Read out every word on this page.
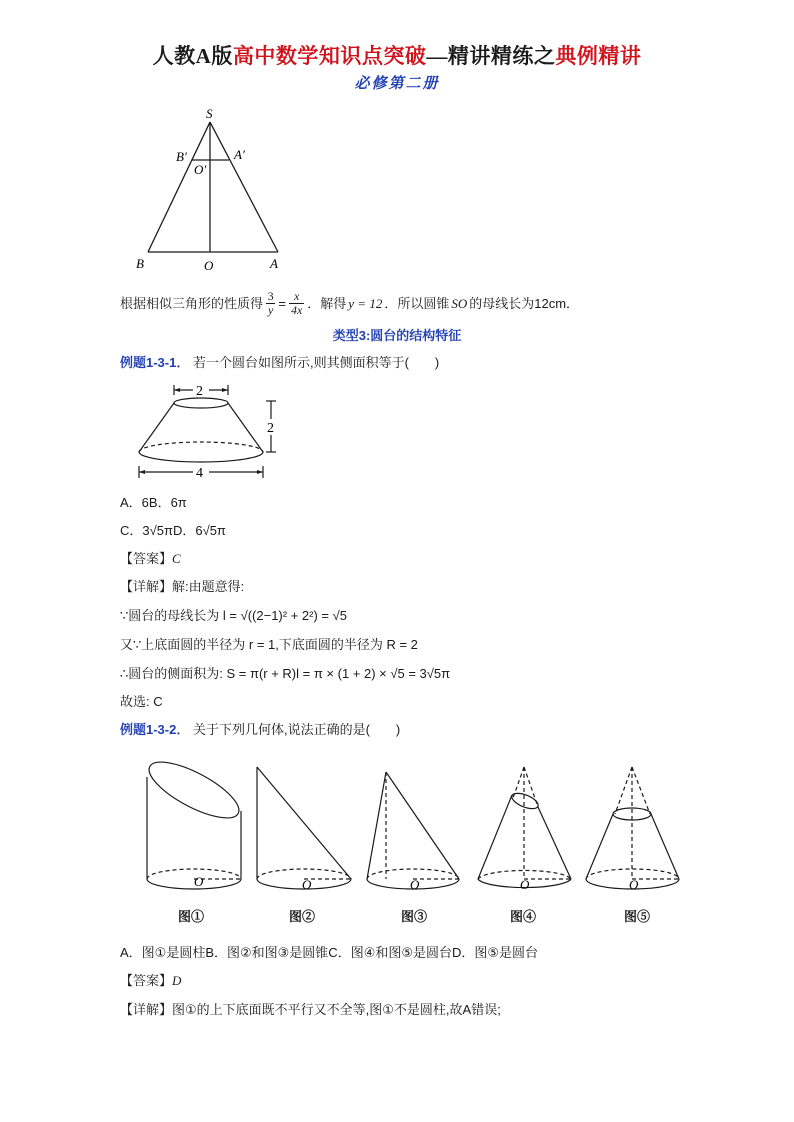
人教A版高中数学知识点突破—精讲精练之典例精讲
必修第二册
S
B′	A′
O′
B	O	A
根据相似三角形的性质得 $\frac{3}{y} = \frac{x}{4x}$ ．解得 y = 12 ．所以圆锥 SO 的母线长为12cm．
类型3:圆台的结构特征
例题1-3-1． 若一个圆台如图所示,则其侧面积等于(　　)
2
2
4
A．6B．6π
C．3√5πD．6√5π
【答案】C
【详解】解:由题意得:
∵圆台的母线长为 l = √((2−1)² + 2²) = √5
又∵上底面圆的半径为 r = 1,下底面圆的半径为 R = 2
∴圆台的侧面积为: S = π(r + R)l = π × (1 + 2) × √5 = 3√5π
故选: C
例题1-3-2． 关于下列几何体,说法正确的是(　　)
O	O	O	O	O
图①	图②	图③	图④	图⑤
A．图①是圆柱B．图②和图③是圆锥C．图④和图⑤是圆台D．图⑤是圆台
【答案】D
【详解】图①的上下底面既不平行又不全等,图①不是圆柱,故A错误;
